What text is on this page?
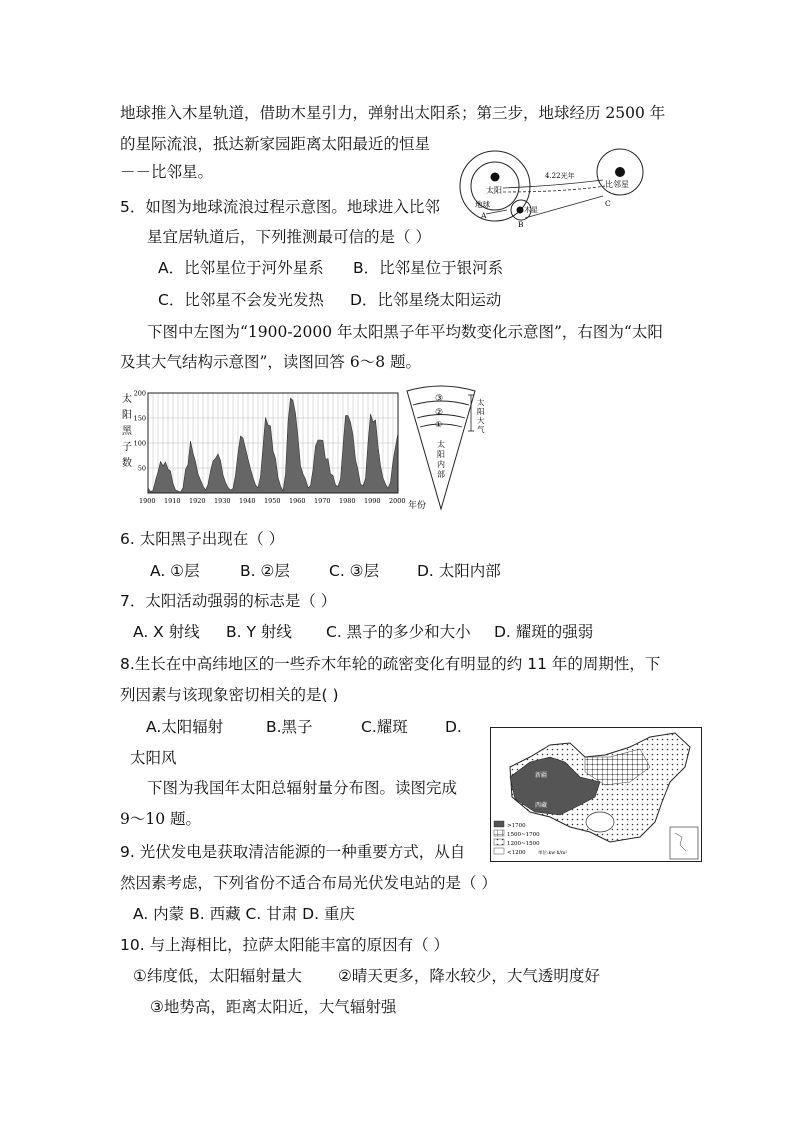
地球推入木星轨道，借助木星引力，弹射出太阳系；第三步，地球经历 2500 年
的星际流浪，抵达新家园距离太阳最近的恒星
－－比邻星。
太阳
地球
木星
比邻星
4.22光年
A
B
C
5．如图为地球流浪过程示意图。地球进入比邻
星宜居轨道后，下列推测最可信的是（ ）
A．比邻星位于河外星系 B．比邻星位于银河系
C．比邻星不会发光发热 D．比邻星绕太阳运动
下图中左图为“1900-2000 年太阳黑子年平均数变化示意图”，右图为“太阳
及其大气结构示意图”，读图回答 6～8 题。
太
阳
黑
子
数
1900 1910 1920 1930 1940 1950 1960 1970 1980 1990 2000
200
150
100
50
年份
③
②
①
太
阳
大
气
太
阳
内
部
6. 太阳黑子出现在（ ）
A. ①层	B. ②层	C. ③层 D. 太阳内部
7．太阳活动强弱的标志是（ ）
A. X 射线 B. Y 射线 C. 黑子的多少和大小 D. 耀斑的强弱
8.生长在中高纬地区的一些乔木年轮的疏密变化有明显的约 11 年的周期性，下
列因素与该现象密切相关的是( )
A.太阳辐射	B.黑子	C.耀斑 D.
太阳风
下图为我国年太阳总辐射量分布图。读图完成
9～10 题。
新疆
西藏
>1700
1500~1700
1200~1500
<1200	单位:kw·h/m²
9. 光伏发电是获取清洁能源的一种重要方式，从自
然因素考虑，下列省份不适合布局光伏发电站的是（ ）
A. 内蒙 B. 西藏 C. 甘肃 D. 重庆
10. 与上海相比，拉萨太阳能丰富的原因有（ ）
①纬度低，太阳辐射量大 ②晴天更多，降水较少，大气透明度好
③地势高，距离太阳近，大气辐射强
